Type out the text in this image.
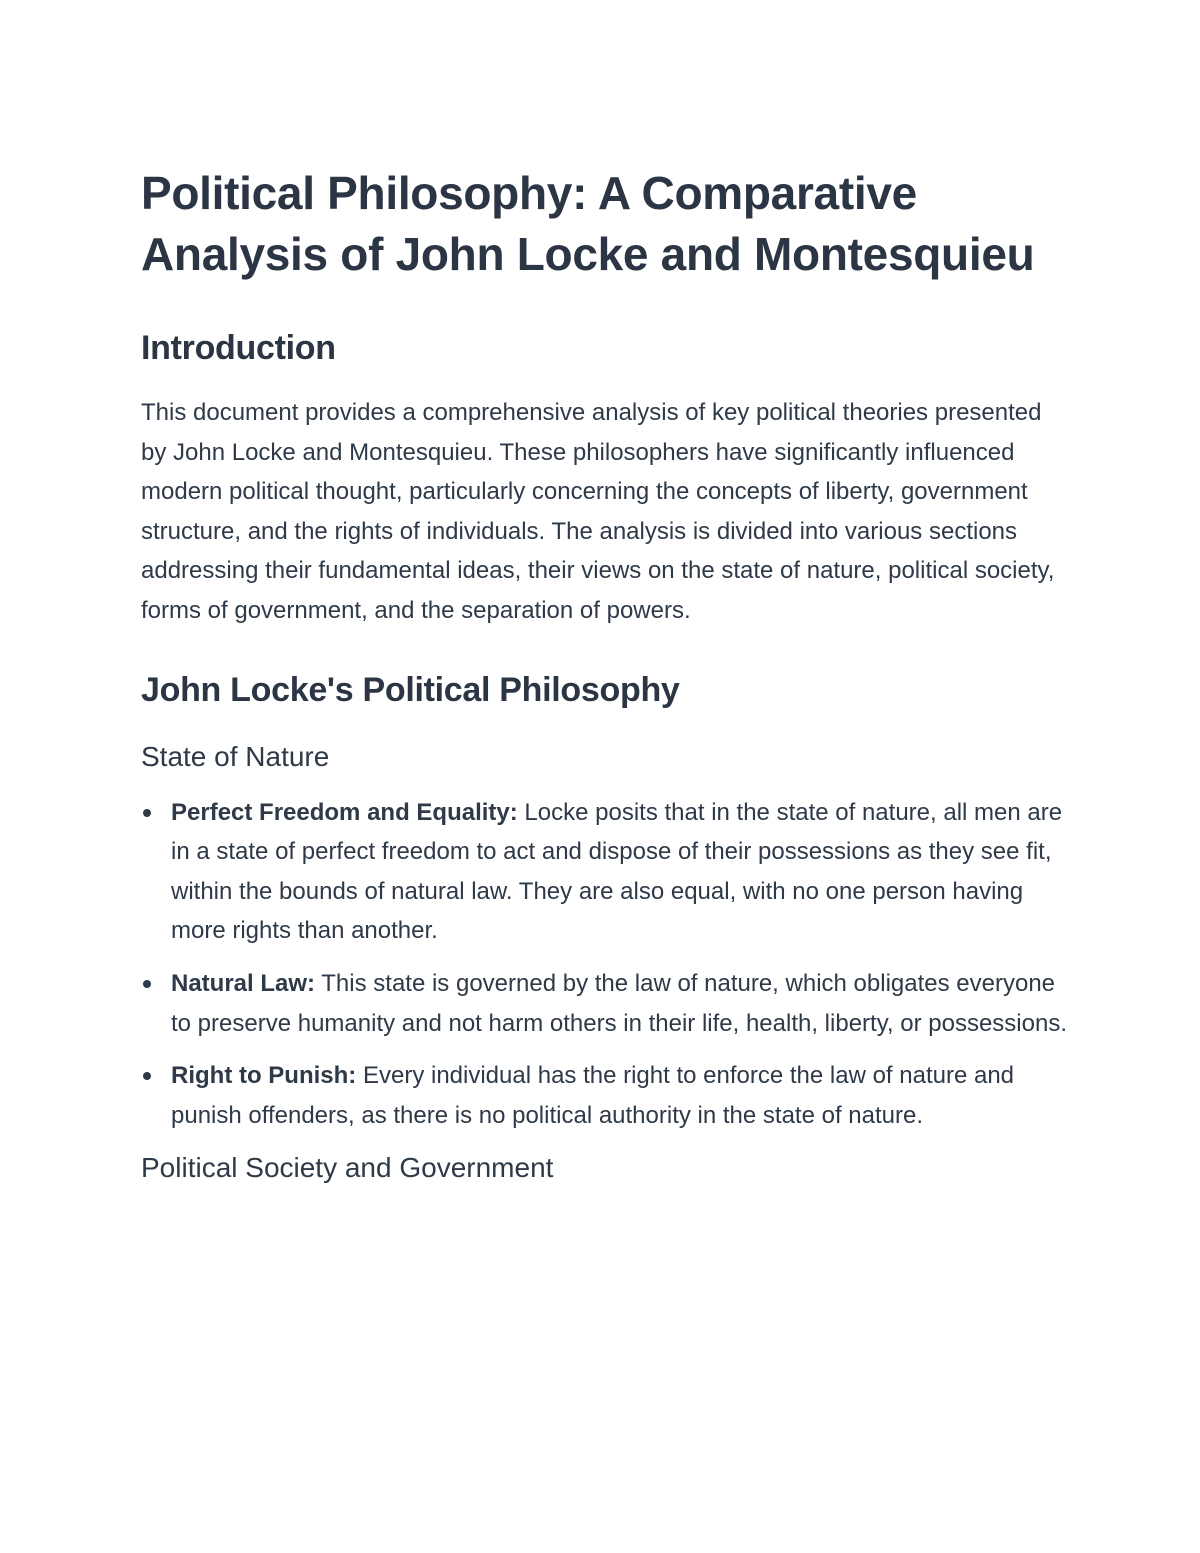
Political Philosophy: A Comparative Analysis of John Locke and Montesquieu
Introduction

This document provides a comprehensive analysis of key political theories presented by John Locke and Montesquieu. These philosophers have significantly influenced modern political thought, particularly concerning the concepts of liberty, government structure, and the rights of individuals. The analysis is divided into various sections addressing their fundamental ideas, their views on the state of nature, political society, forms of government, and the separation of powers.

John Locke's Political Philosophy
State of Nature
Perfect Freedom and Equality: Locke posits that in the state of nature, all men are in a state of perfect freedom to act and dispose of their possessions as they see fit, within the bounds of natural law. They are also equal, with no one person having more rights than another.
Natural Law: This state is governed by the law of nature, which obligates everyone to preserve humanity and not harm others in their life, health, liberty, or possessions.
Right to Punish: Every individual has the right to enforce the law of nature and punish offenders, as there is no political authority in the state of nature.
Political Society and Government
